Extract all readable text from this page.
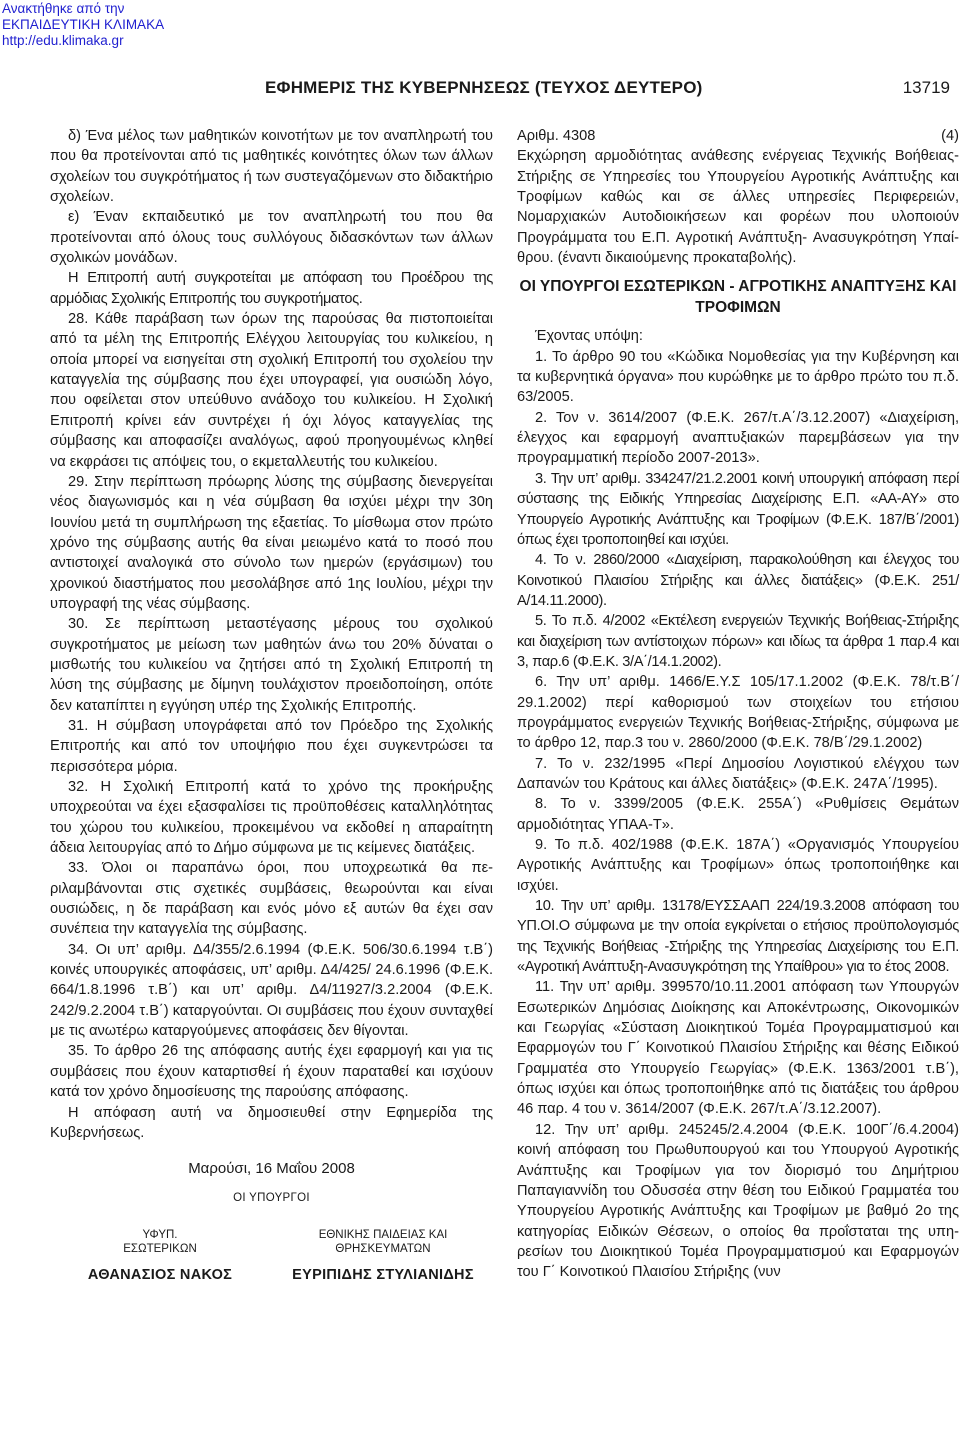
Ανακτήθηκε από την
ΕΚΠΑΙΔΕΥΤΙΚΗ ΚΛΙΜΑΚΑ
http://edu.klimaka.gr
ΕΦΗΜΕΡΙΣ ΤΗΣ ΚΥΒΕΡΝΗΣΕΩΣ (ΤΕΥΧΟΣ ΔΕΥΤΕΡΟ)	13719

δ) Ένα μέλος των μαθητικών κοινοτήτων με τον αναπληρωτή του που θα προτείνονται από τις μαθητικές κοινότητες όλων των άλλων σχολείων του συγκρότήματος ή των συστεγαζόμενων στο διδακτήριο σχολείων.

ε) Έναν εκπαιδευτικό με τον αναπληρωτή του που θα προτείνονται από όλους τους συλλόγους διδασκόντων των άλλων σχολικών μονάδων.

Η Επιτροπή αυτή συγκροτείται με απόφαση του Προέδρου της αρμόδιας Σχολικής Επιτροπής του συγκροτήματος.

28. Κάθε παράβαση των όρων της παρούσας θα πιστοποιείται από τα μέλη της Επιτροπής Ελέγχου λειτουργίας του κυλικείου, η οποία μπορεί να εισηγείται στη σχολική Επιτροπή του σχολείου την καταγγελία της σύμβασης που έχει υπογραφεί, για ουσιώδη λόγο, που οφείλεται στον υπεύθυνο ανάδοχο του κυλικείου. Η Σχολική Επιτροπή κρίνει εάν συντρέχει ή όχι λόγος καταγγελίας της σύμβασης και αποφασίζει αναλόγως, αφού προηγουμένως κληθεί να εκφράσει τις απόψεις του, ο εκμεταλλευτής του κυλικείου.

29. Στην περίπτωση πρόωρης λύσης της σύμβασης διενεργείται νέος διαγωνισμός και η νέα σύμβαση θα ισχύει μέχρι την 30η Ιουνίου μετά τη συμπλήρωση της εξαετίας. Το μίσθωμα στον πρώτο χρόνο της σύμβασης αυτής θα είναι μειωμένο κατά το ποσό που αντιστοιχεί αναλογικά στο σύνολο των ημερών (εργάσιμων) του χρονικού διαστήματος που μεσολάβησε από 1ης Ιουλίου, μέχρι την υπογραφή της νέας σύμβασης.

30. Σε περίπτωση μεταστέγασης μέρους του σχολικού συγκροτήματος με μείωση των μαθητών άνω του 20% δύναται ο μισθωτής του κυλικείου να ζητήσει από τη Σχολική Επιτροπή τη λύση της σύμβασης με δίμηνη τουλάχιστον προειδοποίηση, οπότε δεν καταπίπτει η εγγύηση υπέρ της Σχολικής Επιτροπής.

31. Η σύμβαση υπογράφεται από τον Πρόεδρο της Σχολικής Επιτροπής και από τον υποψήφιο που έχει συγκεντρώσει τα περισσότερα μόρια.

32. Η Σχολική Επιτροπή κατά το χρόνο της προκήρυξης υποχρεούται να έχει εξασφαλίσει τις προϋποθέσεις καταλληλότητας του χώρου του κυλικείου, προκειμένου να εκδοθεί η απαραίτητη άδεια λειτουργίας από το Δήμο σύμφωνα με τις κείμενες διατάξεις.

33. Όλοι οι παραπάνω όροι, που υποχρεωτικά θα περιλαμβάνονται στις σχετικές συμβάσεις, θεωρούνται και είναι ουσιώδεις, η δε παράβαση και ενός μόνο εξ αυτών θα έχει σαν συνέπεια την καταγγελία της σύμβασης.

34. Οι υπ’ αριθμ. Δ4/355/2.6.1994 (Φ.Ε.Κ. 506/30.6.1994 τ.Β΄) κοινές υπουργικές αποφάσεις, υπ’ αριθμ. Δ4/425/ 24.6.1996 (Φ.Ε.Κ. 664/1.8.1996 τ.Β΄) και υπ’ αριθμ. Δ4/11927/3.2.2004 (Φ.Ε.Κ. 242/9.2.2004 τ.Β΄) καταργούνται. Οι συμβάσεις που έχουν συνταχθεί με τις ανωτέρω καταργούμενες αποφάσεις δεν θίγονται.

35. Το άρθρο 26 της απόφασης αυτής έχει εφαρμογή και για τις συμβάσεις που έχουν καταρτισθεί ή έχουν παραταθεί και ισχύουν κατά τον χρόνο δημοσίευσης της παρούσης απόφασης.

Η απόφαση αυτή να δημοσιευθεί στην Εφημερίδα της Κυβερνήσεως.

Μαρούσι, 16 Μαΐου 2008
ΟΙ ΥΠΟΥΡΓΟΙ
ΥΦΥΠ.
ΕΣΩΤΕΡΙΚΩΝ
ΑΘΑΝΑΣΙΟΣ ΝΑΚΟΣ
ΕΘΝΙΚΗΣ ΠΑΙΔΕΙΑΣ ΚΑΙ
ΘΡΗΣΚΕΥΜΑΤΩΝ
ΕΥΡΙΠΙΔΗΣ ΣΤΥΛΙΑΝΙΔΗΣ
Αριθμ. 4308	(4)

Εκχώρηση αρμοδιότητας ανάθεσης ενέργειας Τεχνικής Βοήθειας- Στήριξης σε Υπηρεσίες του Υπουργείου Αγροτικής Ανάπτυξης και Τροφίμων καθώς και σε άλλες υπηρεσίες Περιφερειών, Νομαρχιακών Αυτοδιοικήσεων και φορέων που υλοποιούν Προγράμματα του Ε.Π. Αγροτική Ανάπτυξη- Ανασυγκρότηση Υπαίθρου. (έναντι δικαιούμενης προκαταβολής).

ΟΙ ΥΠΟΥΡΓΟΙ ΕΣΩΤΕΡΙΚΩΝ - ΑΓΡΟΤΙΚΗΣ ΑΝΑΠΤΥΞΗΣ ΚΑΙ ΤΡΟΦΙΜΩΝ

Έχοντας υπόψη:

1. Το άρθρο 90 του «Κώδικα Νομοθεσίας για την Κυβέρνηση και τα κυβερνητικά όργανα» που κυρώθηκε με το άρθρο πρώτο του π.δ. 63/2005.

2. Τον ν. 3614/2007 (Φ.Ε.Κ. 267/τ.Α΄/3.12.2007) «Διαχείριση, έλεγχος και εφαρμογή αναπτυξιακών παρεμβάσεων για την προγραμματική περίοδο 2007-2013».

3. Την υπ’ αριθμ. 334247/21.2.2001 κοινή υπουργική απόφαση περί σύστασης της Ειδικής Υπηρεσίας Διαχείρισης Ε.Π. «ΑΑ-ΑΥ» στο Υπουργείο Αγροτικής Ανάπτυξης και Τροφίμων (Φ.Ε.Κ. 187/Β΄/2001) όπως έχει τροποποιηθεί και ισχύει.

4. Το ν. 2860/2000 «Διαχείριση, παρακολούθηση και έλεγχος του Κοινοτικού Πλαισίου Στήριξης και άλλες διατάξεις» (Φ.Ε.Κ. 251/Α/14.11.2000).

5. Το π.δ. 4/2002 «Εκτέλεση ενεργειών Τεχνικής Βοήθειας-Στήριξης και διαχείριση των αντίστοιχων πόρων» και ιδίως τα άρθρα 1 παρ.4 και 3, παρ.6 (Φ.Ε.Κ. 3/Α΄/14.1.2002).

6. Την υπ’ αριθμ. 1466/Ε.Υ.Σ 105/17.1.2002 (Φ.Ε.Κ. 78/τ.Β΄/ 29.1.2002) περί καθορισμού των στοιχείων του ετήσιου προγράμματος ενεργειών Τεχνικής Βοήθειας-Στήριξης, σύμφωνα με το άρθρο 12, παρ.3 του ν. 2860/2000 (Φ.Ε.Κ. 78/Β΄/29.1.2002)

7. Το ν. 232/1995 «Περί Δημοσίου Λογιστικού ελέγχου των Δαπανών του Κράτους και άλλες διατάξεις» (Φ.Ε.Κ. 247Α΄/1995).

8. Το ν. 3399/2005 (Φ.Ε.Κ. 255Α΄) «Ρυθμίσεις Θεμάτων αρμοδιότητας ΥΠΑΑ-Τ».

9. Το π.δ. 402/1988 (Φ.Ε.Κ. 187Α΄) «Οργανισμός Υπουργείου Αγροτικής Ανάπτυξης και Τροφίμων» όπως τροποποιήθηκε και ισχύει.

10. Την υπ’ αριθμ. 13178/ΕΥΣΣΑΑΠ 224/19.3.2008 απόφαση του ΥΠ.ΟΙ.Ο σύμφωνα με την οποία εγκρίνεται ο ετήσιος προϋπολογισμός της Τεχνικής Βοήθειας -Στήριξης της Υπηρεσίας Διαχείρισης του Ε.Π. «Αγροτική Ανάπτυξη-Ανασυγκρότηση της Υπαίθρου» για το έτος 2008.

11. Την υπ’ αριθμ. 399570/10.11.2001 απόφαση των Υπουργών Εσωτερικών Δημόσιας Διοίκησης και Αποκέντρωσης, Οικονομικών και Γεωργίας «Σύσταση Διοικητικού Τομέα Προγραμματισμού και Εφαρμογών του Γ΄ Κοινοτικού Πλαισίου Στήριξης και θέσης Ειδικού Γραμματέα στο Υπουργείο Γεωργίας» (Φ.Ε.Κ. 1363/2001 τ.Β΄), όπως ισχύει και όπως τροποποιήθηκε από τις διατάξεις του άρθρου 46 παρ. 4 του ν. 3614/2007 (Φ.Ε.Κ. 267/τ.Α΄/3.12.2007).

12. Την υπ’ αριθμ. 245245/2.4.2004 (Φ.Ε.Κ. 100Γ΄/6.4.2004) κοινή απόφαση του Πρωθυπουργού και του Υπουργού Αγροτικής Ανάπτυξης και Τροφίμων για τον διορισμό του Δημήτριου Παπαγιαννίδη του Οδυσσέα στην θέση του Ειδικού Γραμματέα του Υπουργείου Αγροτικής Ανάπτυξης και Τροφίμων με βαθμό 2ο της κατηγορίας Ειδικών Θέσεων, ο οποίος θα προΐσταται της υπηρεσίων του Διοικητικού Τομέα Προγραμματισμού και Εφαρμογών του Γ΄ Κοινοτικού Πλαισίου Στήριξης (νυν
